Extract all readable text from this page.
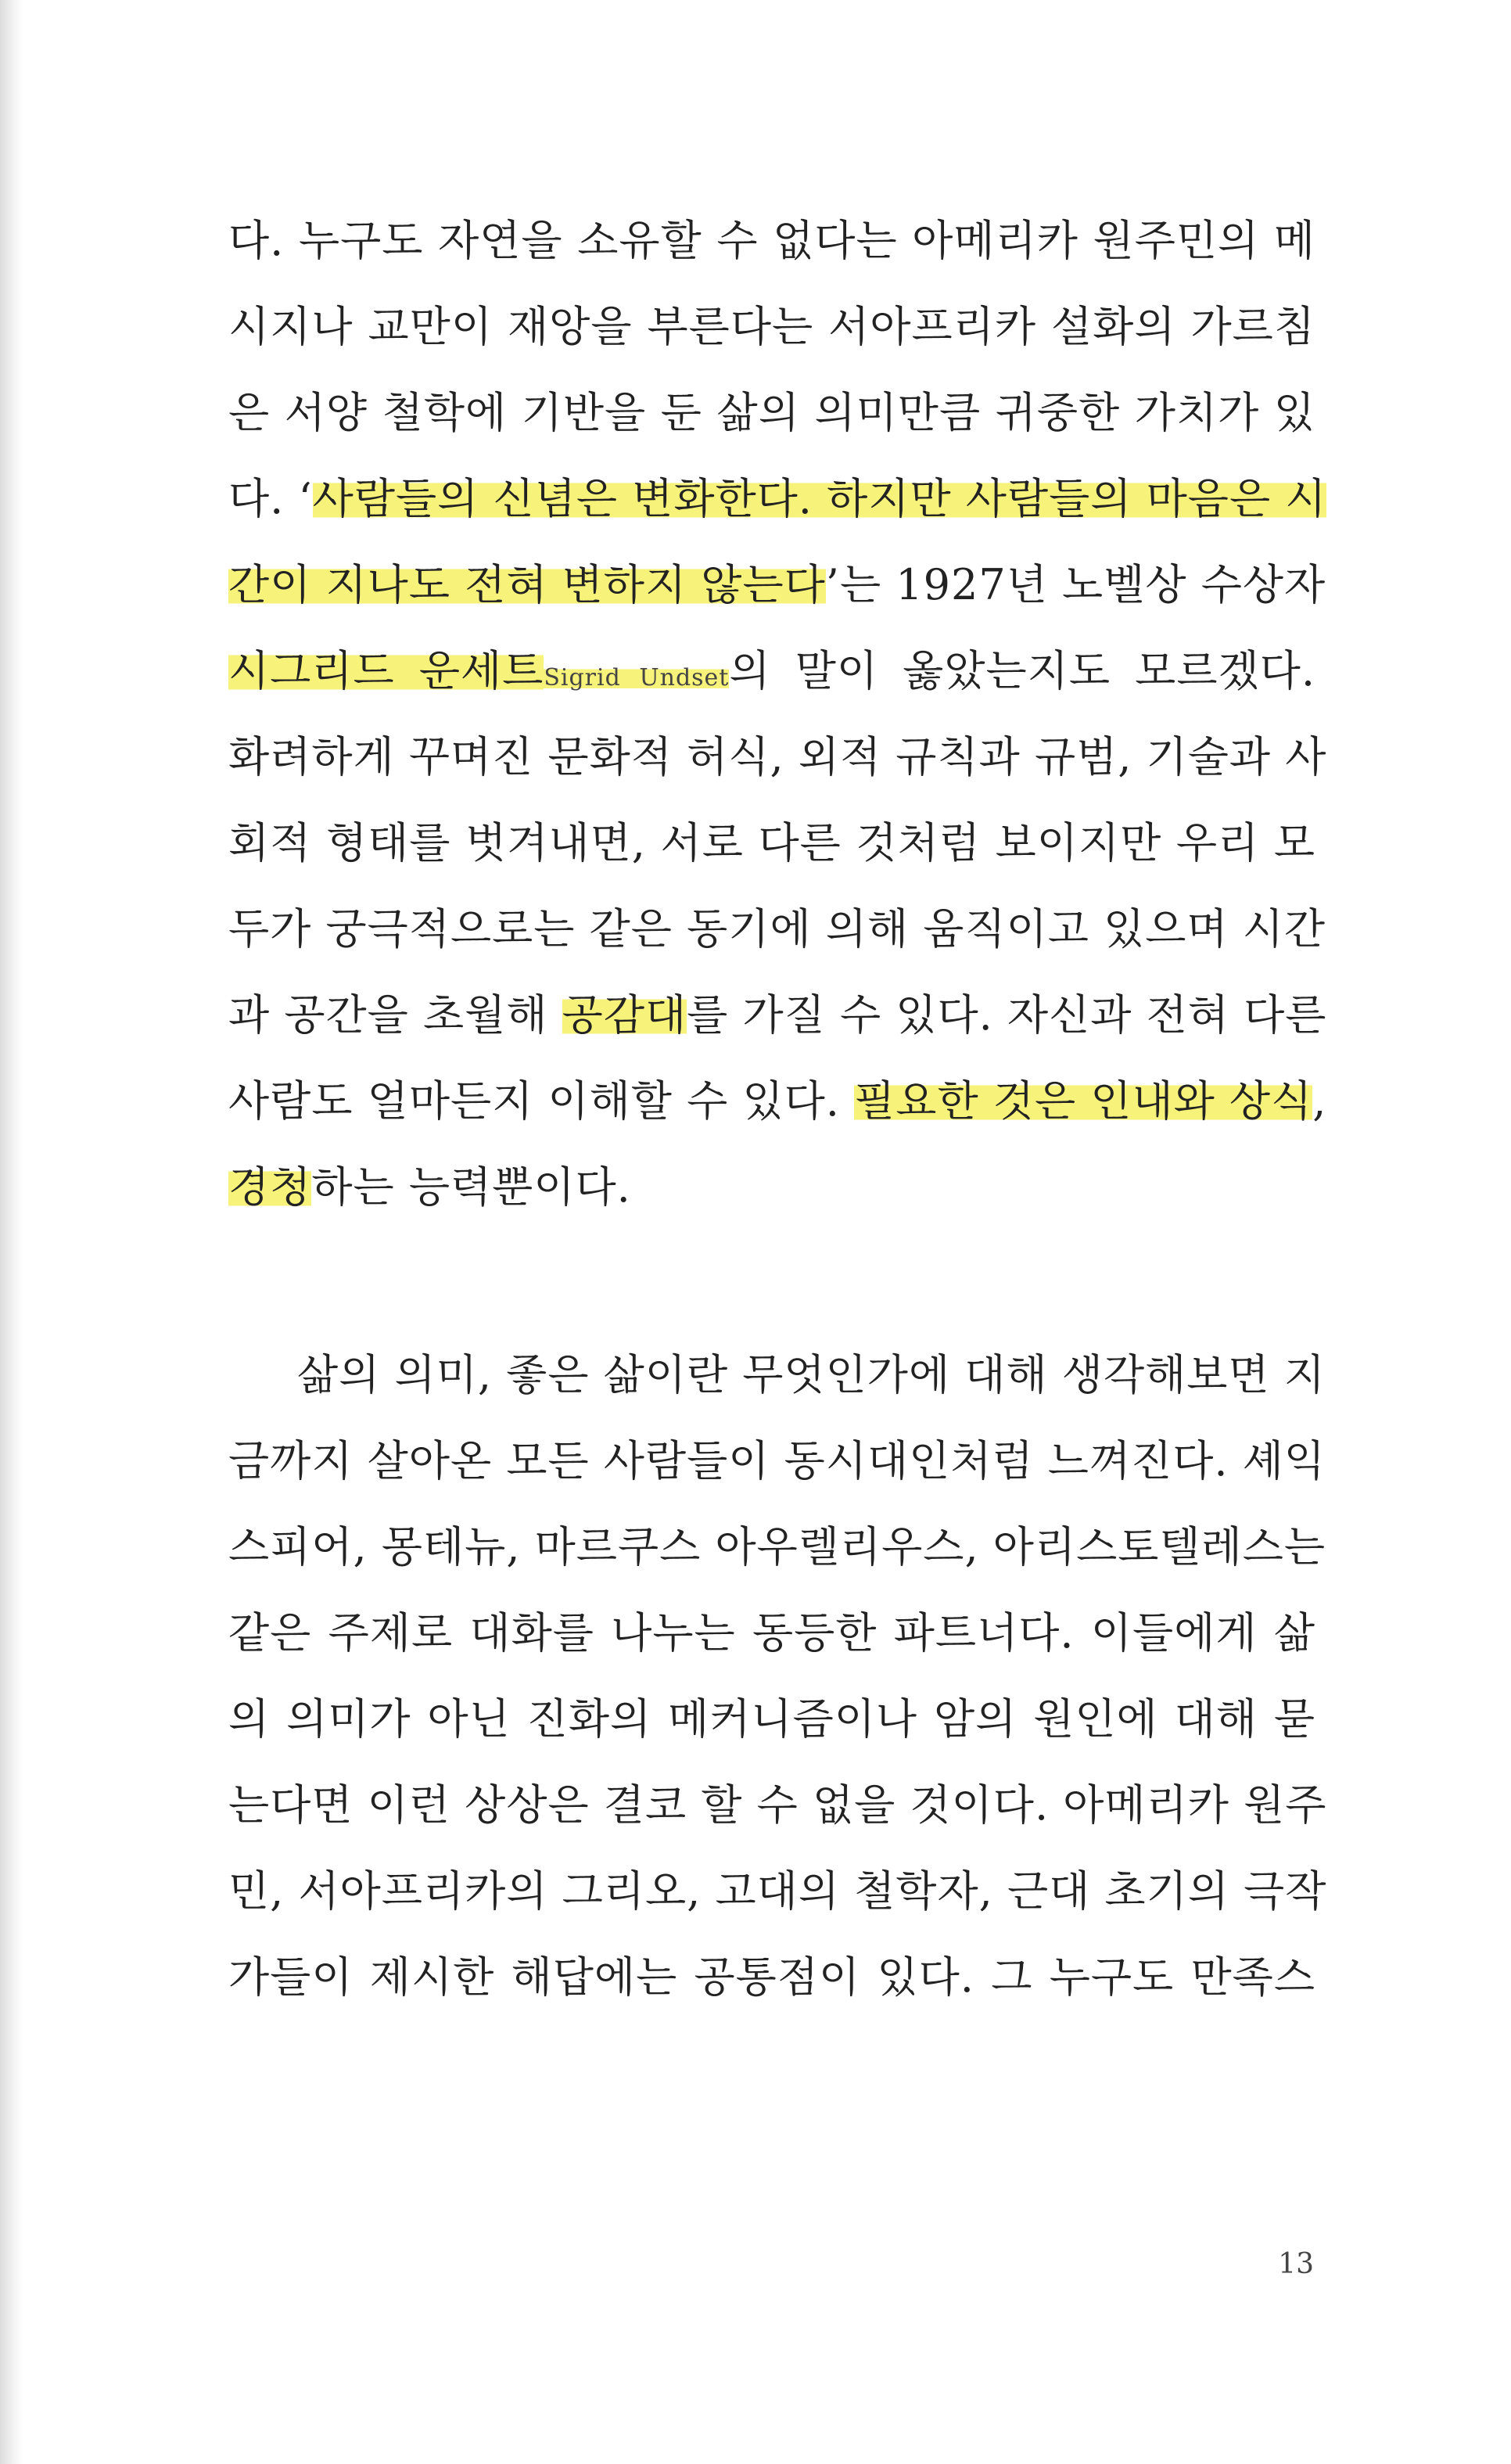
다. 누구도 자연을 소유할 수 없다는 아메리카 원주민의 메
시지나 교만이 재앙을 부른다는 서아프리카 설화의 가르침
은 서양 철학에 기반을 둔 삶의 의미만큼 귀중한 가치가 있
다. ‘사람들의 신념은 변화한다. 하지만 사람들의 마음은 시
간이 지나도 전혀 변하지 않는다’는 1927년 노벨상 수상자
시그리드 운세트Sigrid Undset의 말이 옳았는지도 모르겠다.
화려하게 꾸며진 문화적 허식, 외적 규칙과 규범, 기술과 사
회적 형태를 벗겨내면, 서로 다른 것처럼 보이지만 우리 모
두가 궁극적으로는 같은 동기에 의해 움직이고 있으며 시간
과 공간을 초월해 공감대를 가질 수 있다. 자신과 전혀 다른
사람도 얼마든지 이해할 수 있다. 필요한 것은 인내와 상식,
경청하는 능력뿐이다.
삶의 의미, 좋은 삶이란 무엇인가에 대해 생각해보면 지
금까지 살아온 모든 사람들이 동시대인처럼 느껴진다. 셰익
스피어, 몽테뉴, 마르쿠스 아우렐리우스, 아리스토텔레스는
같은 주제로 대화를 나누는 동등한 파트너다. 이들에게 삶
의 의미가 아닌 진화의 메커니즘이나 암의 원인에 대해 묻
는다면 이런 상상은 결코 할 수 없을 것이다. 아메리카 원주
민, 서아프리카의 그리오, 고대의 철학자, 근대 초기의 극작
가들이 제시한 해답에는 공통점이 있다. 그 누구도 만족스
13
